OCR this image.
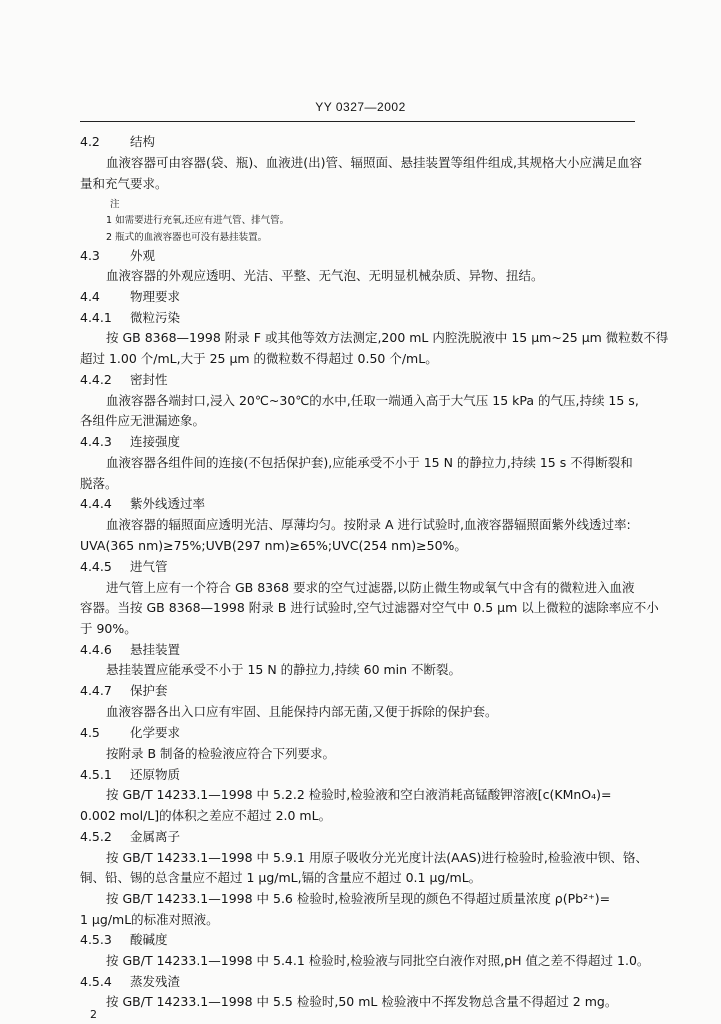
YY 0327—2002
4.2 结构
血液容器可由容器(袋、瓶)、血液进(出)管、辐照面、悬挂装置等组件组成,其规格大小应满足血容
量和充气要求。
注
1 如需要进行充氧,还应有进气管、排气管。
2 瓶式的血液容器也可没有悬挂装置。
4.3 外观
血液容器的外观应透明、光洁、平整、无气泡、无明显机械杂质、异物、扭结。
4.4 物理要求
4.4.1 微粒污染
按 GB 8368—1998 附录 F 或其他等效方法测定,200 mL 内腔洗脱液中 15 μm~25 μm 微粒数不得
超过 1.00 个/mL,大于 25 μm 的微粒数不得超过 0.50 个/mL。
4.4.2 密封性
血液容器各端封口,浸入 20℃~30℃的水中,任取一端通入高于大气压 15 kPa 的气压,持续 15 s,
各组件应无泄漏迹象。
4.4.3 连接强度
血液容器各组件间的连接(不包括保护套),应能承受不小于 15 N 的静拉力,持续 15 s 不得断裂和
脱落。
4.4.4 紫外线透过率
血液容器的辐照面应透明光洁、厚薄均匀。按附录 A 进行试验时,血液容器辐照面紫外线透过率:
UVA(365 nm)≥75%;UVB(297 nm)≥65%;UVC(254 nm)≥50%。
4.4.5 进气管
进气管上应有一个符合 GB 8368 要求的空气过滤器,以防止微生物或氧气中含有的微粒进入血液
容器。当按 GB 8368—1998 附录 B 进行试验时,空气过滤器对空气中 0.5 μm 以上微粒的滤除率应不小
于 90%。
4.4.6 悬挂装置
悬挂装置应能承受不小于 15 N 的静拉力,持续 60 min 不断裂。
4.4.7 保护套
血液容器各出入口应有牢固、且能保持内部无菌,又便于拆除的保护套。
4.5 化学要求
按附录 B 制备的检验液应符合下列要求。
4.5.1 还原物质
按 GB/T 14233.1—1998 中 5.2.2 检验时,检验液和空白液消耗高锰酸钾溶液[c(KMnO₄)=
0.002 mol/L]的体积之差应不超过 2.0 mL。
4.5.2 金属离子
按 GB/T 14233.1—1998 中 5.9.1 用原子吸收分光光度计法(AAS)进行检验时,检验液中钡、铬、
铜、铅、锡的总含量应不超过 1 μg/mL,镉的含量应不超过 0.1 μg/mL。
按 GB/T 14233.1—1998 中 5.6 检验时,检验液所呈现的颜色不得超过质量浓度 ρ(Pb²⁺)=
1 μg/mL的标准对照液。
4.5.3 酸碱度
按 GB/T 14233.1—1998 中 5.4.1 检验时,检验液与同批空白液作对照,pH 值之差不得超过 1.0。
4.5.4 蒸发残渣
按 GB/T 14233.1—1998 中 5.5 检验时,50 mL 检验液中不挥发物总含量不得超过 2 mg。
2
